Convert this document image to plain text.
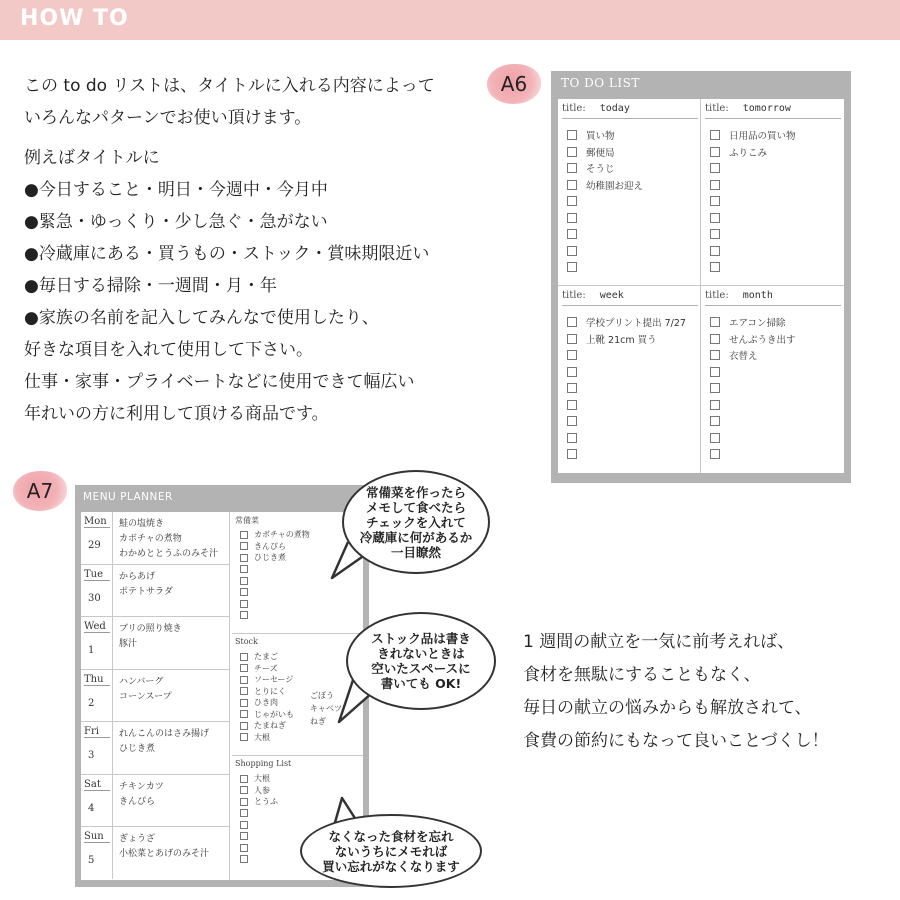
HOW TO
この to do リストは、タイトルに入れる内容によって
いろんなパターンでお使い頂けます。
例えばタイトルに
●今日すること・明日・今週中・今月中
●緊急・ゆっくり・少し急ぐ・急がない
●冷蔵庫にある・買うもの・ストック・賞味期限近い
●毎日する掃除・一週間・月・年
●家族の名前を記入してみんなで使用したり、
好きな項目を入れて使用して下さい。
仕事・家事・プライベートなどに使用できて幅広い
年れいの方に利用して頂ける商品です。
A6
A7
TO DO LIST
title: today
買い物
郵便局
そうじ
幼稚園お迎え
title: tomorrow
日用品の買い物
ふりこみ
title: week
学校プリント提出 7/27
上靴 21cm 買う
title: month
エアコン掃除
せんぷうき出す
衣替え
MENU PLANNER
Mon
29
鮭の塩焼き
カボチャの煮物
わかめととうふのみそ汁
Tue
30
からあげ
ポテトサラダ
Wed
1
ブリの照り焼き
豚汁
Thu
2
ハンバーグ
コーンスープ
Fri
3
れんこんのはさみ揚げ
ひじき煮
Sat
4
チキンカツ
きんぴら
Sun
5
ぎょうざ
小松菜とあげのみそ汁
常備菜
カボチャの煮物
きんぴら
ひじき煮
Stock
たまご
チーズ
ソーセージ
とりにく
ひき肉
じゃがいも
たまねぎ
大根
ごぼう
キャベツ
ねぎ
Shopping List
大根
人参
とうふ
常備菜を作ったら
メモして食べたら
チェックを入れて
冷蔵庫に何があるか
一目瞭然
ストック品は書き
きれないときは
空いたスペースに
書いても OK!
なくなった食材を忘れ
ないうちにメモれば
買い忘れがなくなります
1 週間の献立を一気に前考えれば、
食材を無駄にすることもなく、
毎日の献立の悩みからも解放されて、
食費の節約にもなって良いことづくし！
